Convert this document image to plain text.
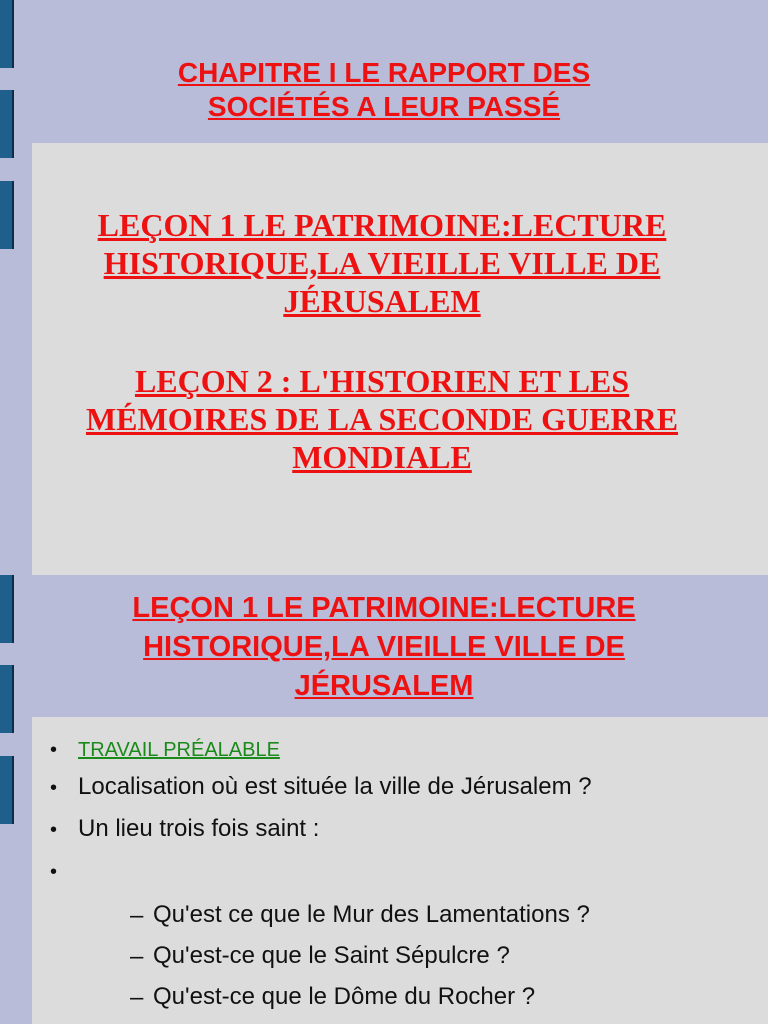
CHAPITRE I LE RAPPORT DES
SOCIÉTÉS A LEUR PASSÉ
LEÇON 1 LE PATRIMOINE:LECTURE
HISTORIQUE,LA VIEILLE VILLE DE
JÉRUSALEM
LEÇON 2 : L'HISTORIEN ET LES
MÉMOIRES DE LA SECONDE GUERRE
MONDIALE
LEÇON 1 LE PATRIMOINE:LECTURE
HISTORIQUE,LA VIEILLE VILLE DE
JÉRUSALEM
• TRAVAIL PRÉALABLE
• Localisation où est située la ville de Jérusalem ?
• Un lieu trois fois saint :
•
– Qu'est ce que le Mur des Lamentations ?
– Qu'est-ce que le Saint Sépulcre ?
– Qu'est-ce que le Dôme du Rocher ?
